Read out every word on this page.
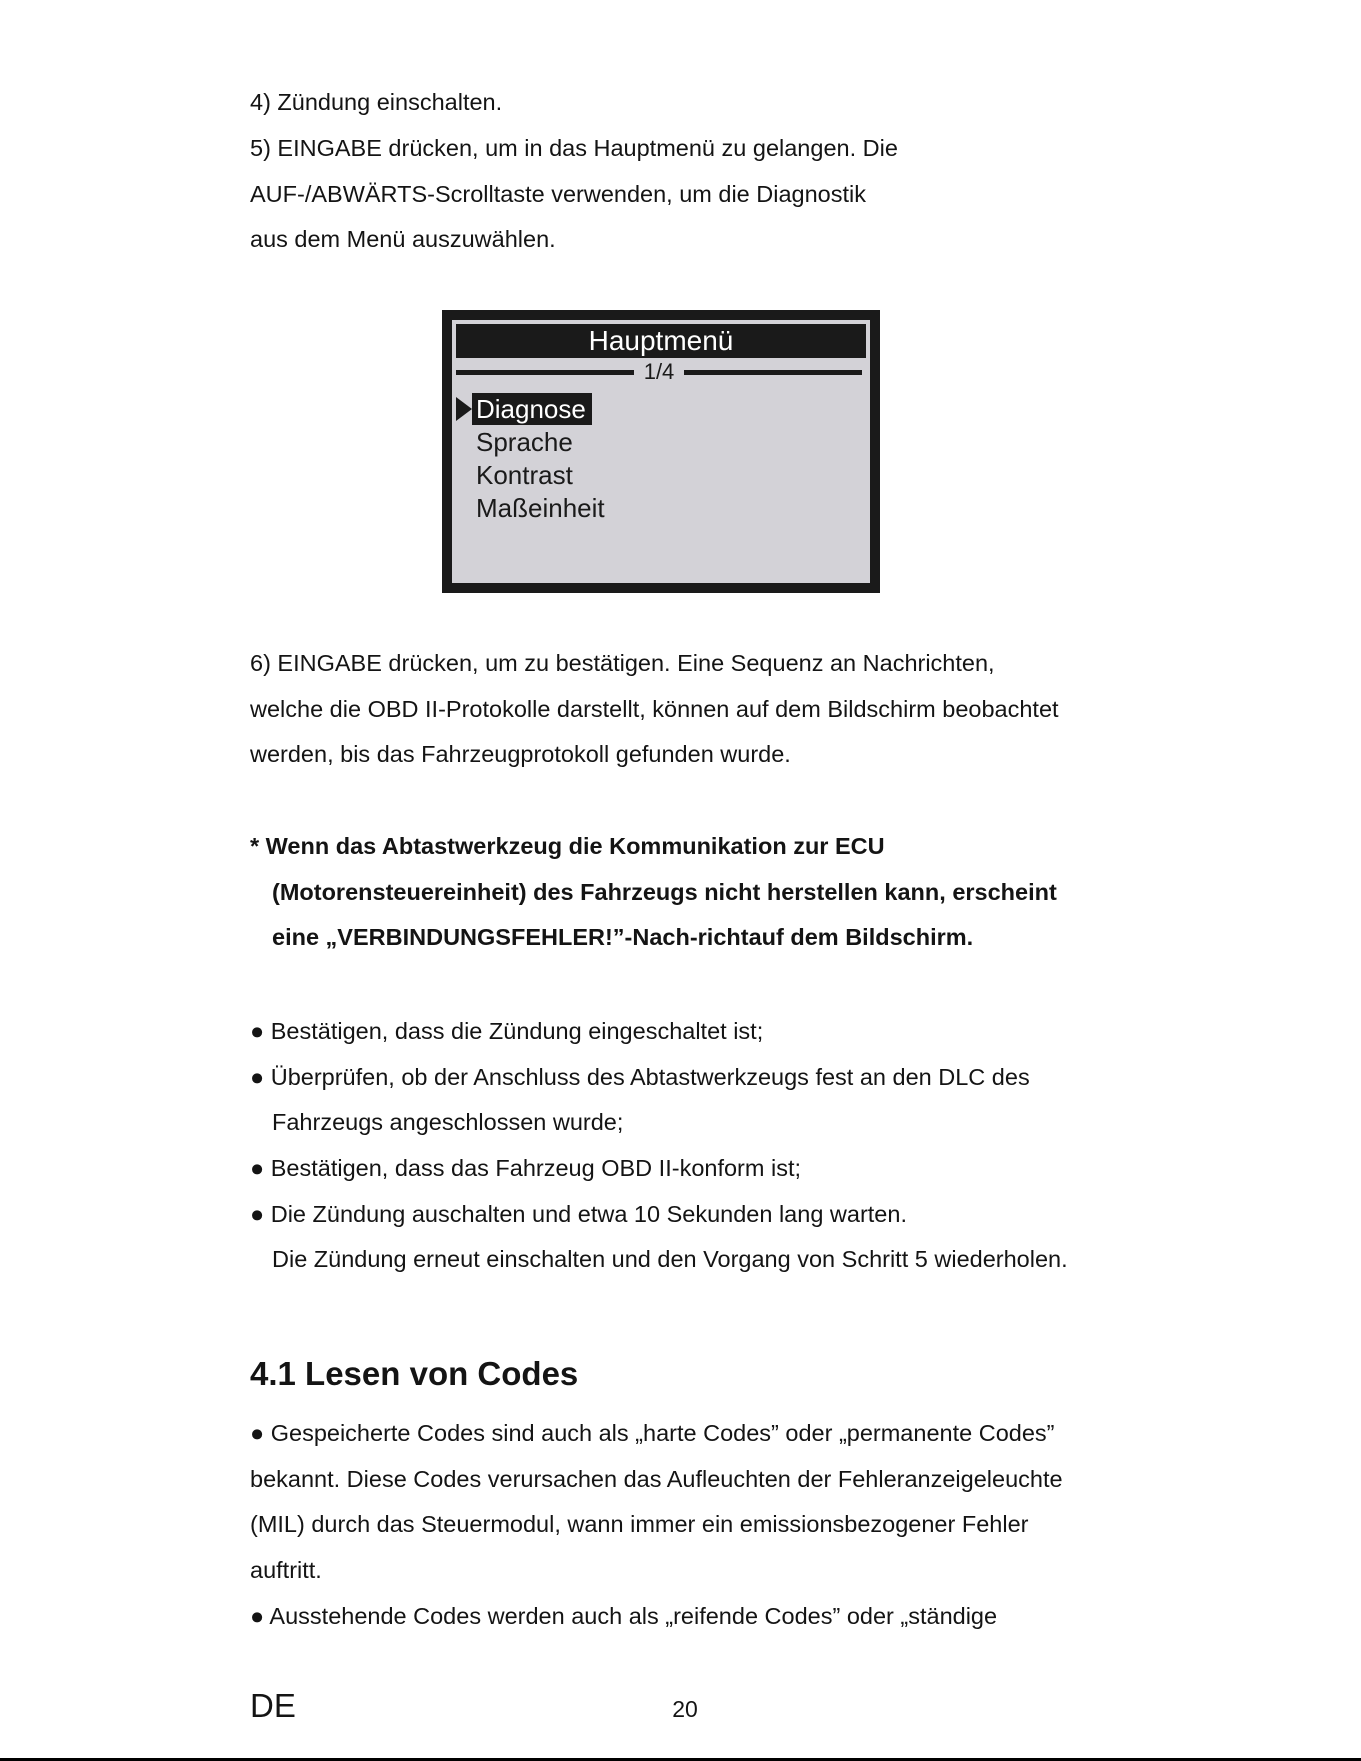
4) Zündung einschalten.
5) EINGABE drücken, um in das Hauptmenü zu gelangen. Die
AUF-/ABWÄRTS-Scrolltaste verwenden, um die Diagnostik
aus dem Menü auszuwählen.
Hauptmenü
1/4
Diagnose
Sprache
Kontrast
Maßeinheit
6) EINGABE drücken, um zu bestätigen. Eine Sequenz an Nachrichten,
welche die OBD II-Protokolle darstellt, können auf dem Bildschirm beobachtet
werden, bis das Fahrzeugprotokoll gefunden wurde.
* Wenn das Abtastwerkzeug die Kommunikation zur ECU
(Motorensteuereinheit) des Fahrzeugs nicht herstellen kann, erscheint
eine „VERBINDUNGSFEHLER!”-Nach-richtauf dem Bildschirm.
● Bestätigen, dass die Zündung eingeschaltet ist;
● Überprüfen, ob der Anschluss des Abtastwerkzeugs fest an den DLC des
Fahrzeugs angeschlossen wurde;
● Bestätigen, dass das Fahrzeug OBD II-konform ist;
● Die Zündung auschalten und etwa 10 Sekunden lang warten.
Die Zündung erneut einschalten und den Vorgang von Schritt 5 wiederholen.
4.1 Lesen von Codes
● Gespeicherte Codes sind auch als „harte Codes” oder „permanente Codes”
bekannt. Diese Codes verursachen das Aufleuchten der Fehleranzeigeleuchte
(MIL) durch das Steuermodul, wann immer ein emissionsbezogener Fehler
auftritt.
● Ausstehende Codes werden auch als „reifende Codes” oder „ständige
DE	20
